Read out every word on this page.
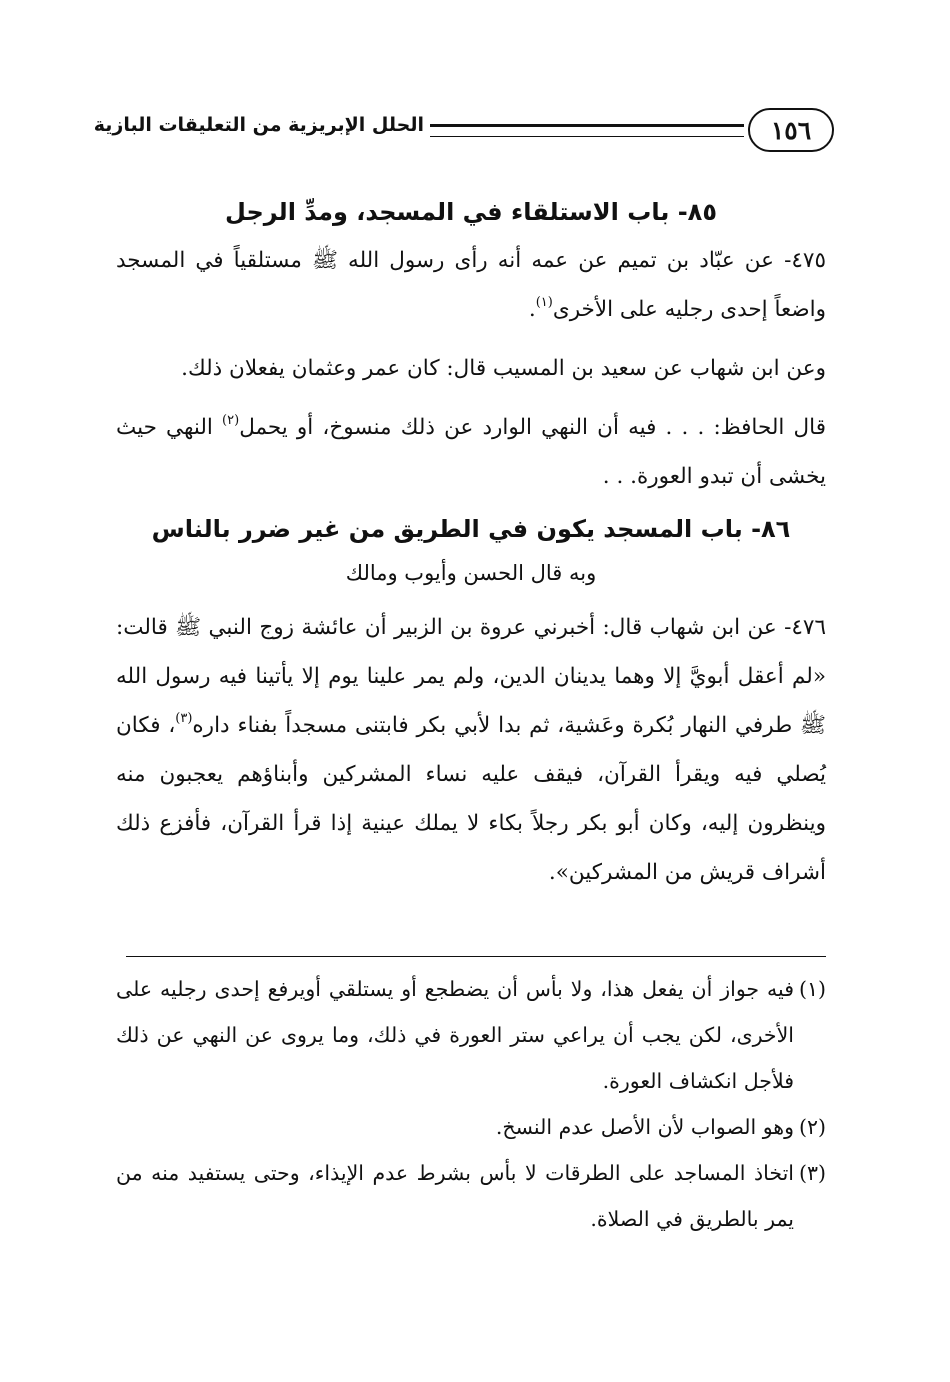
١٥٦
الحلل الإبريزية من التعليقات البازية
٨٥- باب الاستلقاء في المسجد، ومدِّ الرجل

٤٧٥- عن عبّاد بن تميم عن عمه أنه رأى رسول الله ﷺ مستلقياً في المسجد واضعاً إحدى رجليه على الأخرى$^{(١)}$.

وعن ابن شهاب عن سعيد بن المسيب قال: كان عمر وعثمان يفعلان ذلك.

قال الحافظ: . . . فيه أن النهي الوارد عن ذلك منسوخ، أو يحمل$^{(٢)}$ النهي حيث يخشى أن تبدو العورة. . .

٨٦- باب المسجد يكون في الطريق من غير ضرر بالناس

وبه قال الحسن وأيوب ومالك

٤٧٦- عن ابن شهاب قال: أخبرني عروة بن الزبير أن عائشة زوج النبي ﷺ قالت: «لم أعقل أبويَّ إلا وهما يدينان الدين، ولم يمر علينا يوم إلا يأتينا فيه رسول الله ﷺ طرفي النهار بُكرة وعَشية، ثم بدا لأبي بكر فابتنى مسجداً بفناء داره$^{(٣)}$، فكان يُصلي فيه ويقرأ القرآن، فيقف عليه نساء المشركين وأبناؤهم يعجبون منه وينظرون إليه، وكان أبو بكر رجلاً بكاء لا يملك عينية إذا قرأ القرآن، فأفزع ذلك أشراف قريش من المشركين».

(١)فيه جواز أن يفعل هذا، ولا بأس أن يضطجع أو يستلقي أويرفع إحدى رجليه على الأخرى، لكن يجب أن يراعي ستر العورة في ذلك، وما يروى عن النهي عن ذلك فلأجل انكشاف العورة.

(٢)وهو الصواب لأن الأصل عدم النسخ.

(٣)اتخاذ المساجد على الطرقات لا بأس بشرط عدم الإيذاء، وحتى يستفيد منه من يمر بالطريق في الصلاة.
